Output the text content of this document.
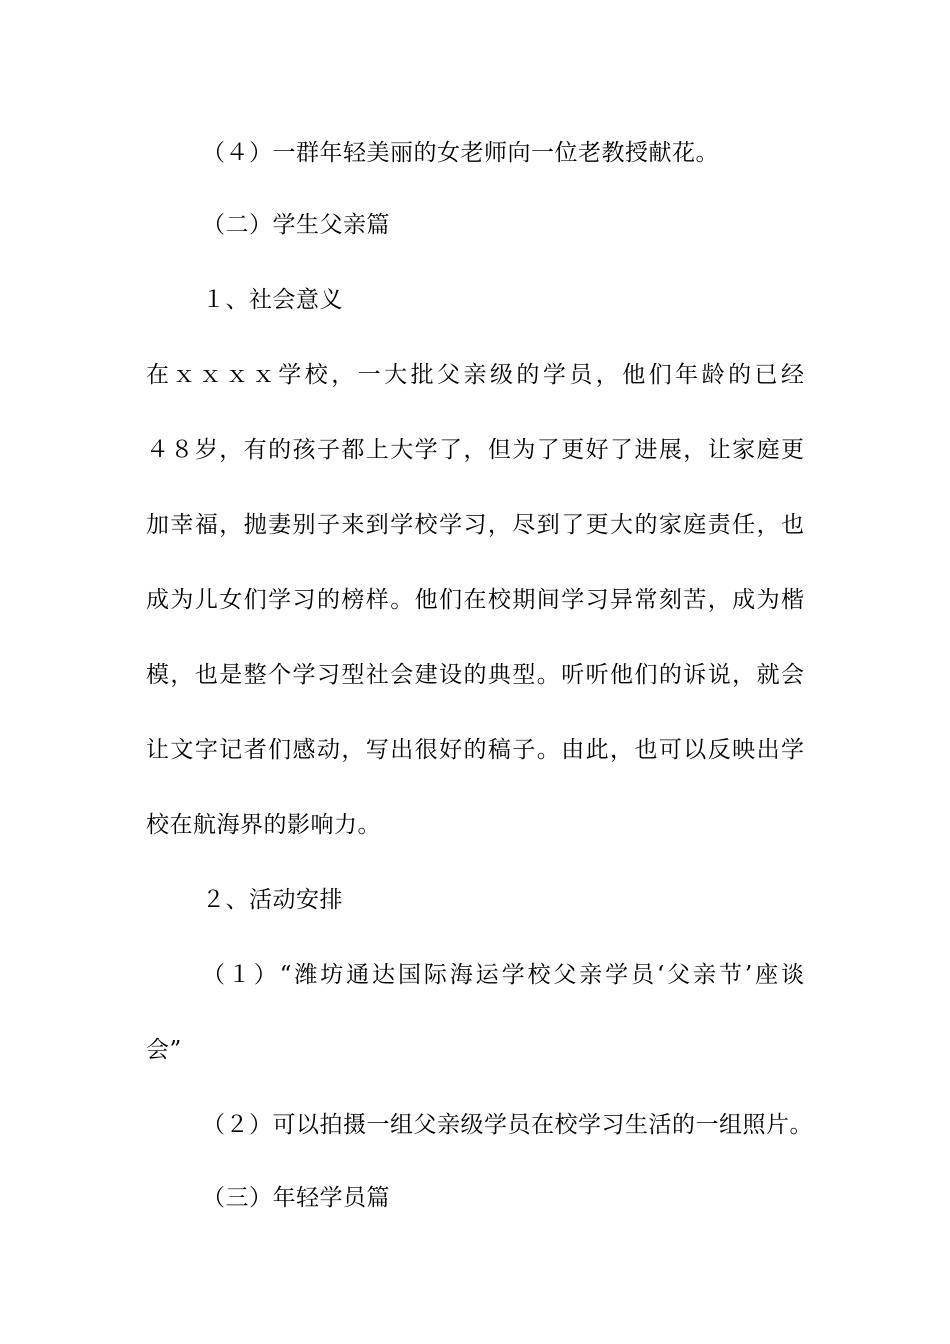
（４）一群年轻美丽的女老师向一位老教授献花。
（二）学生父亲篇
１、社会意义
在ｘｘｘｘ学校，一大批父亲级的学员，他们年龄的已经
４８岁，有的孩子都上大学了，但为了更好了进展，让家庭更
加幸福，抛妻别子来到学校学习，尽到了更大的家庭责任，也
成为儿女们学习的榜样。他们在校期间学习异常刻苦，成为楷
模，也是整个学习型社会建设的典型。听听他们的诉说，就会
让文字记者们感动，写出很好的稿子。由此，也可以反映出学
校在航海界的影响力。
２、活动安排
（１）“潍坊通达国际海运学校父亲学员‘父亲节’座谈
会”
（２）可以拍摄一组父亲级学员在校学习生活的一组照片。
（三）年轻学员篇
